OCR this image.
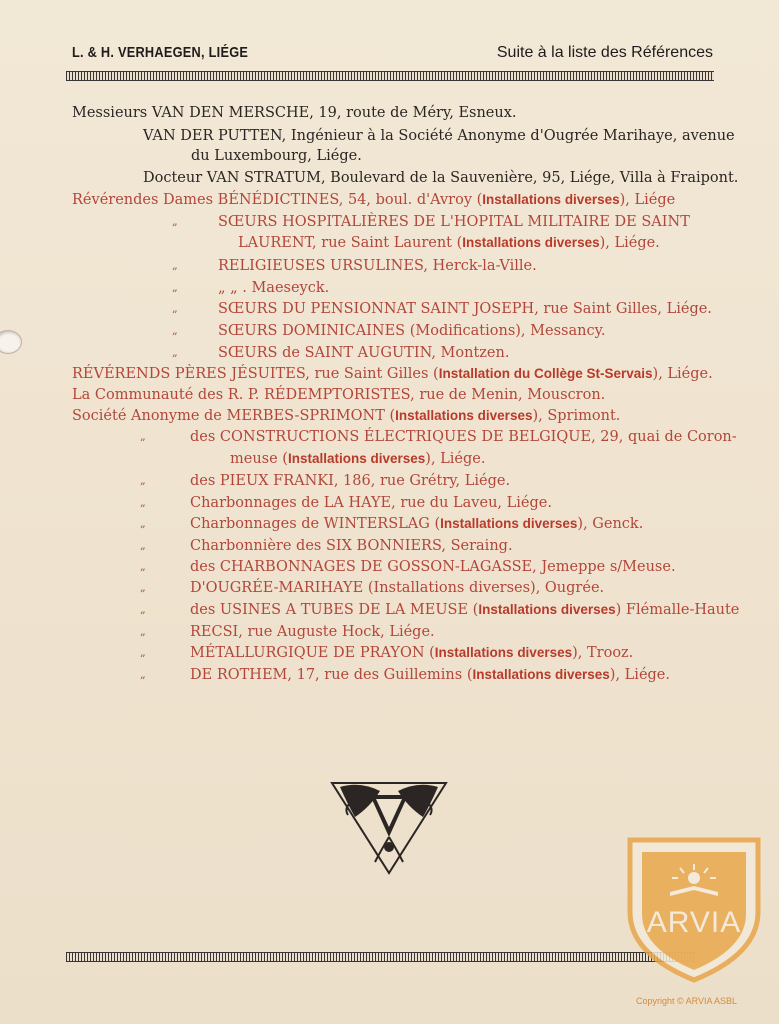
L. & H. VERHAEGEN, LIÉGE	Suite à la liste des Références
Messieurs VAN DEN MERSCHE, 19, route de Méry, Esneux.
VAN DER PUTTEN, Ingénieur à la Société Anonyme d'Ougrée Marihaye, avenue
du Luxembourg, Liége.
Docteur VAN STRATUM, Boulevard de la Sauvenière, 95, Liége, Villa à Fraipont.
Révérendes Dames BÉNÉDICTINES, 54, boul. d'Avroy (Installations diverses), Liége
„	SŒURS HOSPITALIÈRES DE L'HOPITAL MILITAIRE DE SAINT
LAURENT, rue Saint Laurent (Installations diverses), Liége.
„	RELIGIEUSES URSULINES, Herck-la-Ville.
„	„ „ . Maeseyck.
„	SŒURS DU PENSIONNAT SAINT JOSEPH, rue Saint Gilles, Liége.
„	SŒURS DOMINICAINES (Modifications), Messancy.
„	SŒURS de SAINT AUGUTIN, Montzen.
RÉVÉRENDS PÈRES JÉSUITES, rue Saint Gilles (Installation du Collège St-Servais), Liége.
La Communauté des R. P. RÉDEMPTORISTES, rue de Menin, Mouscron.
Société Anonyme de MERBES-SPRIMONT (Installations diverses), Sprimont.
„	des CONSTRUCTIONS ÉLECTRIQUES DE BELGIQUE, 29, quai de Coron-
meuse (Installations diverses), Liége.
„	des PIEUX FRANKI, 186, rue Grétry, Liége.
„	Charbonnages de LA HAYE, rue du Laveu, Liége.
„	Charbonnages de WINTERSLAG (Installations diverses), Genck.
„	Charbonnière des SIX BONNIERS, Seraing.
„	des CHARBONNAGES DE GOSSON-LAGASSE, Jemeppe s/Meuse.
„	D'OUGRÉE-MARIHAYE (Installations diverses), Ougrée.
„	des USINES A TUBES DE LA MEUSE (Installations diverses) Flémalle-Haute
„	RECSI, rue Auguste Hock, Liége.
„	MÉTALLURGIQUE DE PRAYON (Installations diverses), Trooz.
„	DE ROTHEM, 17, rue des Guillemins (Installations diverses), Liége.
ARVIA
Copyright © ARVIA ASBL
